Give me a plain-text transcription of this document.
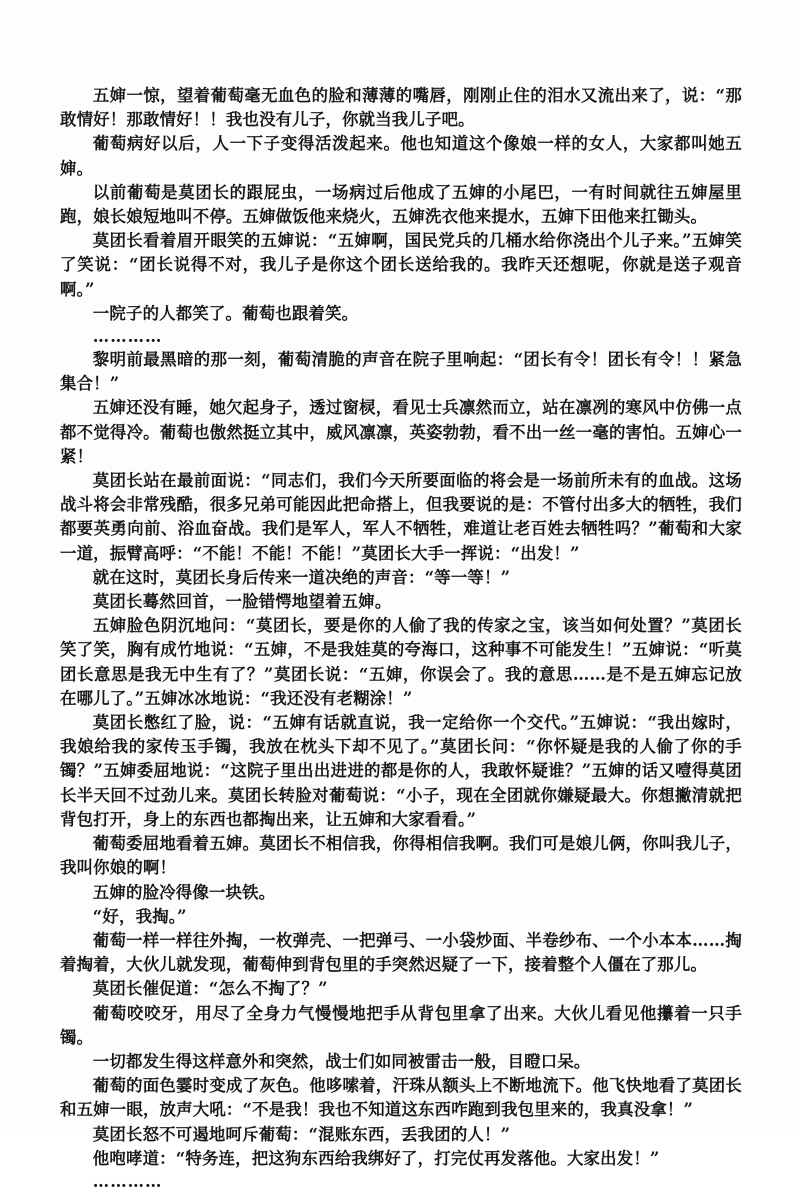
五婶一惊，望着葡萄毫无血色的脸和薄薄的嘴唇，刚刚止住的泪水又流出来了，说：“那敢情好！那敢情好！！我也没有儿子，你就当我儿子吧。

葡萄病好以后，人一下子变得活泼起来。他也知道这个像娘一样的女人，大家都叫她五婶。

以前葡萄是莫团长的跟屁虫，一场病过后他成了五婶的小尾巴，一有时间就往五婶屋里跑，娘长娘短地叫不停。五婶做饭他来烧火，五婶洗衣他来提水，五婶下田他来扛锄头。

莫团长看着眉开眼笑的五婶说：“五婶啊，国民党兵的几桶水给你浇出个儿子来。”五婶笑了笑说：“团长说得不对，我儿子是你这个团长送给我的。我昨天还想呢，你就是送子观音啊。”

一院子的人都笑了。葡萄也跟着笑。

…………

黎明前最黑暗的那一刻，葡萄清脆的声音在院子里响起：“团长有令！团长有令！！紧急集合！”

五婶还没有睡，她欠起身子，透过窗棂，看见士兵凛然而立，站在凛冽的寒风中仿佛一点都不觉得冷。葡萄也傲然挺立其中，威风凛凛，英姿勃勃，看不出一丝一毫的害怕。五婶心一紧！

莫团长站在最前面说：“同志们，我们今天所要面临的将会是一场前所未有的血战。这场战斗将会非常残酷，很多兄弟可能因此把命搭上，但我要说的是：不管付出多大的牺牲，我们都要英勇向前、浴血奋战。我们是军人，军人不牺牲，难道让老百姓去牺牲吗？”葡萄和大家一道，振臂高呼：“不能！不能！不能！”莫团长大手一挥说：“出发！”

就在这时，莫团长身后传来一道决绝的声音：“等一等！”

莫团长蓦然回首，一脸错愕地望着五婶。

五婶脸色阴沉地问：“莫团长，要是你的人偷了我的传家之宝，该当如何处置？”莫团长笑了笑，胸有成竹地说：“五婶，不是我娃莫的夸海口，这种事不可能发生！”五婶说：“听莫团长意思是我无中生有了？”莫团长说：“五婶，你误会了。我的意思……是不是五婶忘记放在哪儿了。”五婶冰冰地说：“我还没有老糊涂！”

莫团长憋红了脸，说：“五婶有话就直说，我一定给你一个交代。”五婶说：“我出嫁时，我娘给我的家传玉手镯，我放在枕头下却不见了。”莫团长问：“你怀疑是我的人偷了你的手镯？”五婶委屈地说：“这院子里出出进进的都是你的人，我敢怀疑谁？”五婶的话又噎得莫团长半天回不过劲儿来。莫团长转脸对葡萄说：“小子，现在全团就你嫌疑最大。你想撇清就把背包打开，身上的东西也都掏出来，让五婶和大家看看。”

葡萄委屈地看着五婶。莫团长不相信我，你得相信我啊。我们可是娘儿俩，你叫我儿子，我叫你娘的啊！

五婶的脸冷得像一块铁。

“好，我掏。”

葡萄一样一样往外掏，一枚弹壳、一把弹弓、一小袋炒面、半卷纱布、一个小本本……掏着掏着，大伙儿就发现，葡萄伸到背包里的手突然迟疑了一下，接着整个人僵在了那儿。

莫团长催促道：“怎么不掏了？”

葡萄咬咬牙，用尽了全身力气慢慢地把手从背包里拿了出来。大伙儿看见他攥着一只手镯。

一切都发生得这样意外和突然，战士们如同被雷击一般，目瞪口呆。

葡萄的面色霎时变成了灰色。他哆嗦着，汗珠从额头上不断地流下。他飞快地看了莫团长和五婶一眼，放声大吼：“不是我！我也不知道这东西咋跑到我包里来的，我真没拿！”

莫团长怒不可遏地呵斥葡萄：“混账东西，丢我团的人！”

他咆哮道：“特务连，把这狗东西给我绑好了，打完仗再发落他。大家出发！”

…………
